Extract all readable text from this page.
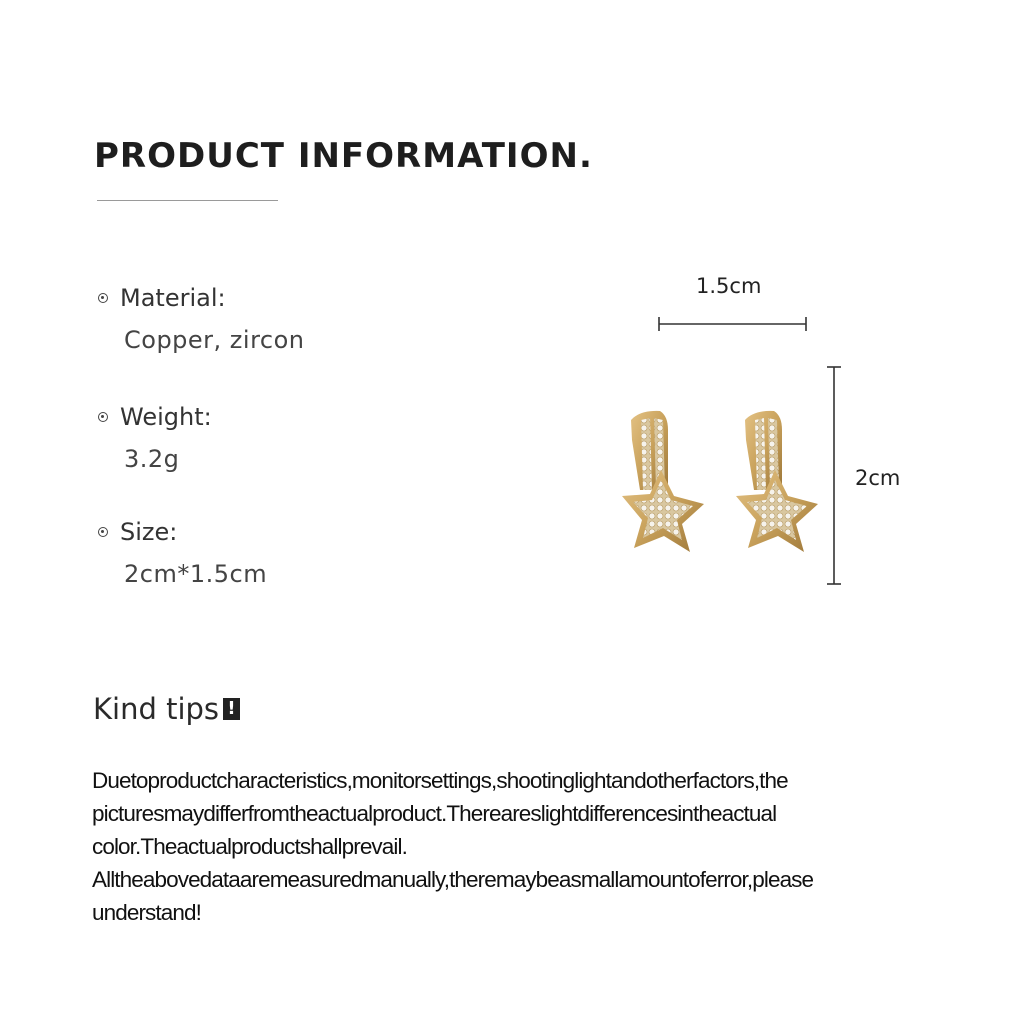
PRODUCT INFORMATION.
Material:
Copper, zircon
Weight:
3.2g
Size:
2cm*1.5cm
1.5cm
2cm
Kind tips !

Duetoproductcharacteristics,monitorsettings,shootinglightandotherfactors,the

picturesmaydifferfromtheactualproduct.Thereareslightdifferencesintheactual

color.Theactualproductshallprevail.

Alltheabovedataaremeasuredmanually,theremaybeasmallamountoferror,please

understand!
